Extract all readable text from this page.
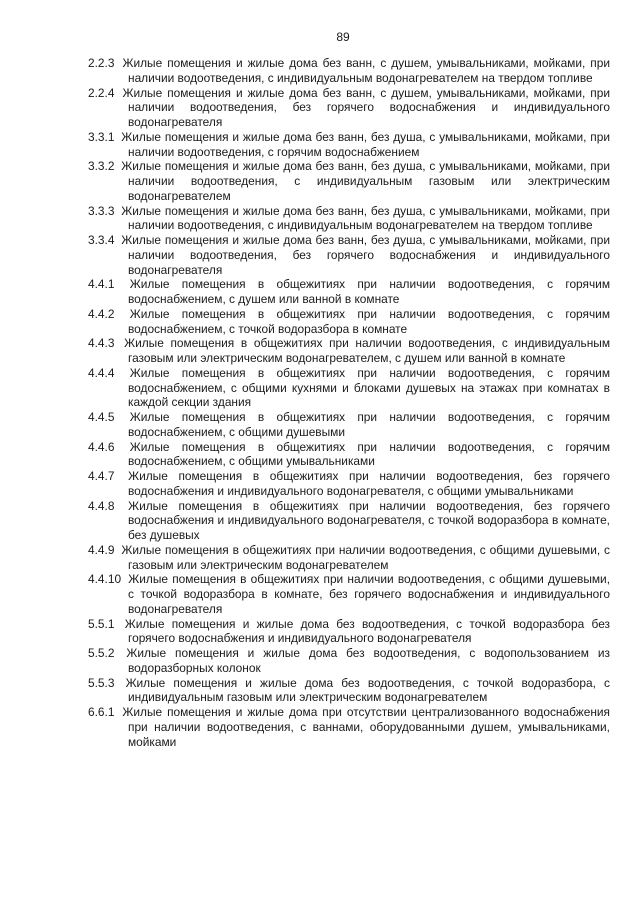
89
2.2.3 Жилые помещения и жилые дома без ванн, с душем, умывальниками, мойками, при наличии водоотведения, с индивидуальным водонагревателем на твердом топливе
2.2.4 Жилые помещения и жилые дома без ванн, с душем, умывальниками, мойками, при наличии водоотведения, без горячего водоснабжения и индивидуального водонагревателя
3.3.1 Жилые помещения и жилые дома без ванн, без душа, с умывальниками, мойками, при наличии водоотведения, с горячим водоснабжением
3.3.2 Жилые помещения и жилые дома без ванн, без душа, с умывальниками, мойками, при наличии водоотведения, с индивидуальным газовым или электрическим водонагревателем
3.3.3 Жилые помещения и жилые дома без ванн, без душа, с умывальниками, мойками, при наличии водоотведения, с индивидуальным водонагревателем на твердом топливе
3.3.4 Жилые помещения и жилые дома без ванн, без душа, с умывальниками, мойками, при наличии водоотведения, без горячего водоснабжения и индивидуального водонагревателя
4.4.1 Жилые помещения в общежитиях при наличии водоотведения, с горячим водоснабжением, с душем или ванной в комнате
4.4.2 Жилые помещения в общежитиях при наличии водоотведения, с горячим водоснабжением, с точкой водоразбора в комнате
4.4.3 Жилые помещения в общежитиях при наличии водоотведения, с индивидуальным газовым или электрическим водонагревателем, с душем или ванной в комнате
4.4.4 Жилые помещения в общежитиях при наличии водоотведения, с горячим водоснабжением, с общими кухнями и блоками душевых на этажах при комнатах в каждой секции здания
4.4.5 Жилые помещения в общежитиях при наличии водоотведения, с горячим водоснабжением, с общими душевыми
4.4.6 Жилые помещения в общежитиях при наличии водоотведения, с горячим водоснабжением, с общими умывальниками
4.4.7 Жилые помещения в общежитиях при наличии водоотведения, без горячего водоснабжения и индивидуального водонагревателя, с общими умывальниками
4.4.8 Жилые помещения в общежитиях при наличии водоотведения, без горячего водоснабжения и индивидуального водонагревателя, с точкой водоразбора в комнате, без душевых
4.4.9 Жилые помещения в общежитиях при наличии водоотведения, с общими душевыми, с газовым или электрическим водонагревателем
4.4.10 Жилые помещения в общежитиях при наличии водоотведения, с общими душевыми, с точкой водоразбора в комнате, без горячего водоснабжения и индивидуального водонагревателя
5.5.1 Жилые помещения и жилые дома без водоотведения, с точкой водоразбора без горячего водоснабжения и индивидуального водонагревателя
5.5.2 Жилые помещения и жилые дома без водоотведения, с водопользованием из водоразборных колонок
5.5.3 Жилые помещения и жилые дома без водоотведения, с точкой водоразбора, с индивидуальным газовым или электрическим водонагревателем
6.6.1 Жилые помещения и жилые дома при отсутствии централизованного водоснабжения при наличии водоотведения, с ваннами, оборудованными душем, умывальниками, мойками
